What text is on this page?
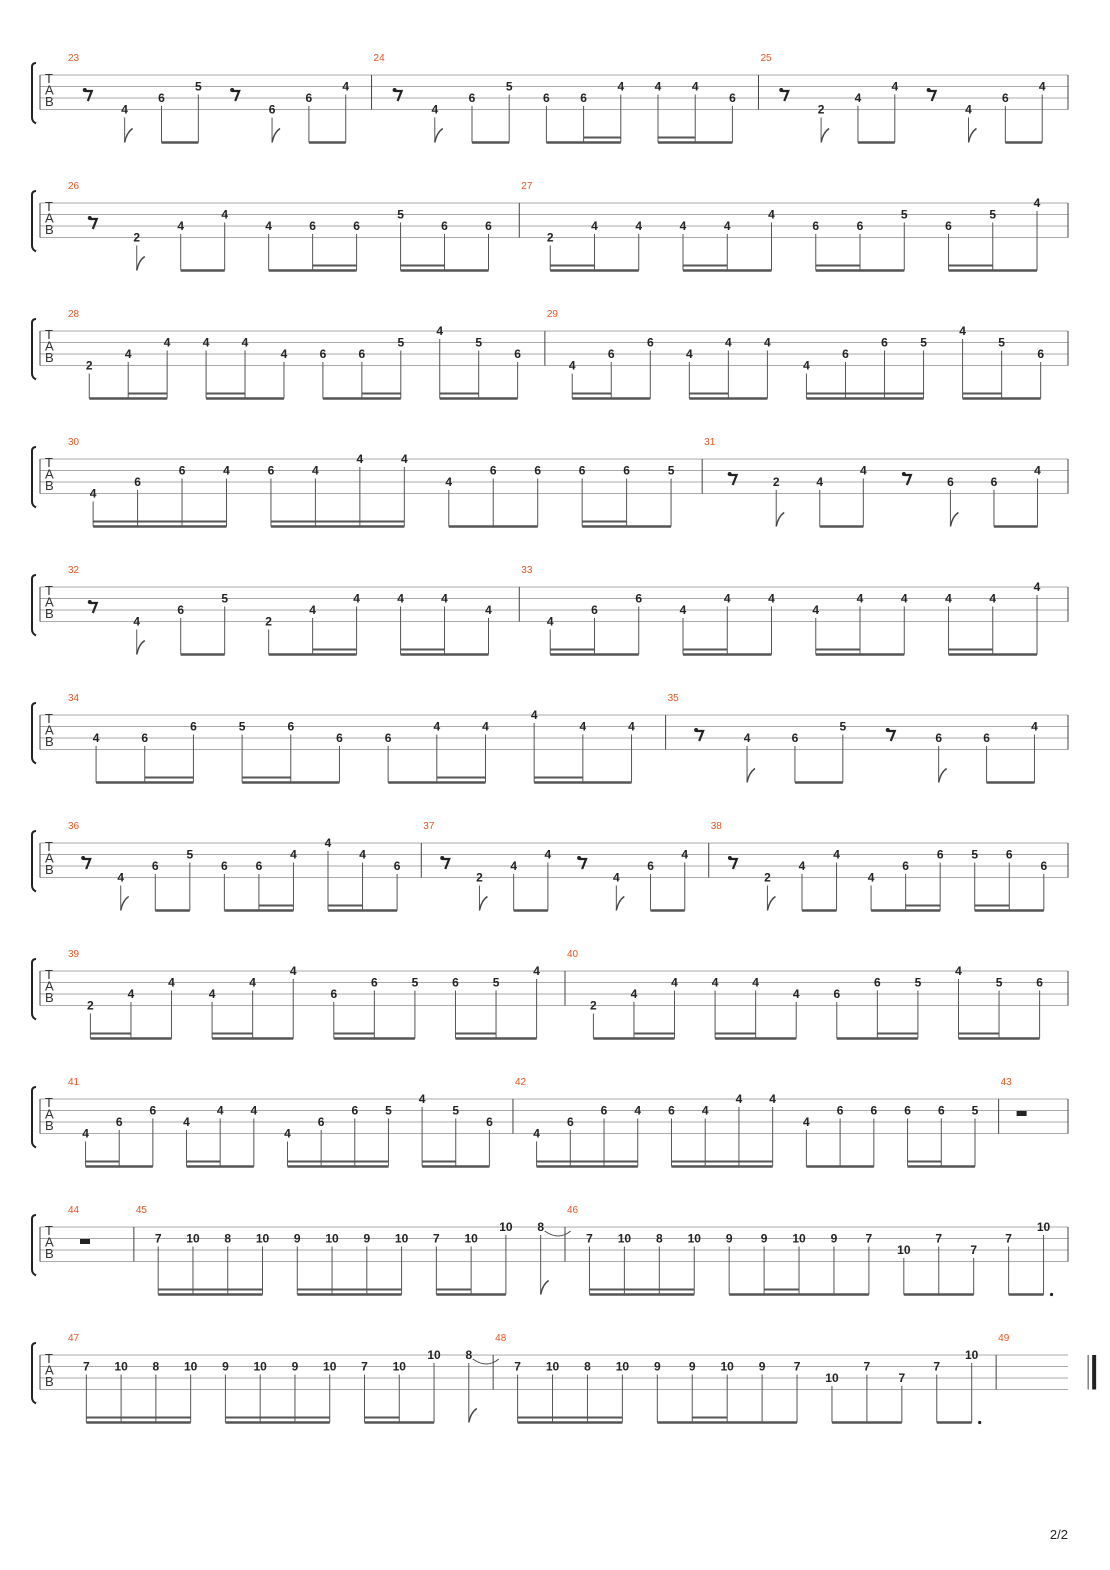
T
A
B
23
4
6
5
6
6
4
24
4
6
5
6	6
4	4	4
6
25
2
4
4
4
6
4
T
A
B
26
2
4
4
4	6	6
5
6	6
27
2
4	4	4	4
4
6	6
5
6
5
4
T
A
B
28
2
4
4	4	4
4	6	6
5
4
5
6
29
4
6
6
4
4	4
4
6
6	5
4
5
6
T
A
B
30
4
6
6	4	6	4
4	4
4
6	6	6	6	5
31
2	4
4
6	6
4
T
A
B
32
4
6
5
2
4
4	4	4
4
33
4
6
6
4
4	4
4
4	4	4	4
4
T
A
B
34
4	6
6	5	6
6	6
4	4
4
4	4
35
4	6
5
6	6
4
T
A
B
36
4
6
5
6 6
4
4
4
6
37
2
4
4
4
6
4
38
2
4
4
4
6
6 5 6
6
T
A
B
39
2
4
4
4
4
4
6
6	5	6	5
4
40
2
4
4	4	4
4	6
6	5
4
5	6
T
A
B
41
4
6
6
4
4 4
4
6
6 5
4
5
6
42
4
6
6 4 6 4
4 4
4
6 6 6 6 5
43
T
A
B
44	45
7 10 8 10 9 10 9 10 7 10
10 8
46
7 10 8 10 9 9 10 9 7
10
7
7
7
10
T
A
B
47
7 10 8 10 9 10 9 10 7 10
10 8
48
7 10 8 10 9 9 10 9 7
10
7
7
7
10
49
2/2
